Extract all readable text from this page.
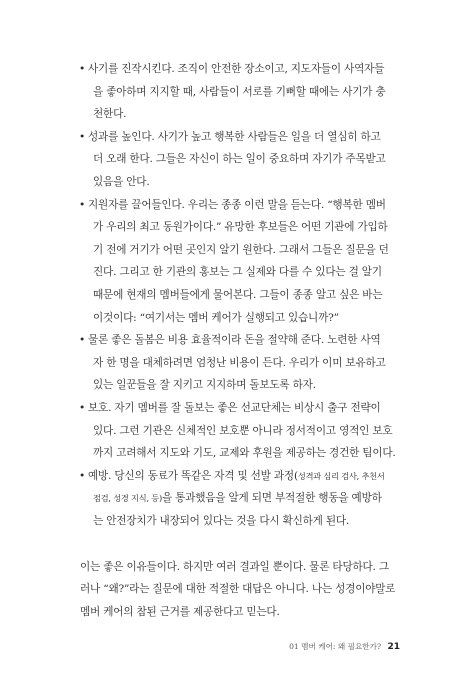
• 사기를 진작시킨다. 조직이 안전한 장소이고, 지도자들이 사역자들
을 좋아하며 지지할 때, 사람들이 서로를 기뻐할 때에는 사기가 충
천한다.
• 성과를 높인다. 사기가 높고 행복한 사람들은 일을 더 열심히 하고
더 오래 한다. 그들은 자신이 하는 일이 중요하며 자기가 주목받고
있음을 안다.
• 지원자를 끌어들인다. 우리는 종종 이런 말을 듣는다. “행복한 멤버
가 우리의 최고 동원가이다.” 유망한 후보들은 어떤 기관에 가입하
기 전에 거기가 어떤 곳인지 알기 원한다. 그래서 그들은 질문을 던
진다. 그리고 한 기관의 홍보는 그 실제와 다를 수 있다는 걸 알기
때문에 현재의 멤버들에게 물어본다. 그들이 종종 알고 싶은 바는
이것이다: “여기서는 멤버 케어가 실행되고 있습니까?”
• 물론 좋은 돌봄은 비용 효율적이라 돈을 절약해 준다. 노련한 사역
자 한 명을 대체하려면 엄청난 비용이 든다. 우리가 이미 보유하고
있는 일꾼들을 잘 지키고 지지하며 돌보도록 하자.
• 보호. 자기 멤버를 잘 돌보는 좋은 선교단체는 비상시 출구 전략이
있다. 그런 기관은 신체적인 보호뿐 아니라 정서적이고 영적인 보호
까지 고려해서 지도와 기도, 교제와 후원을 제공하는 경건한 팀이다.
• 예방. 당신의 동료가 똑같은 자격 및 선발 과정(성격과 심리 검사, 추천서
점검, 성경 지식, 등)을 통과했음을 알게 되면 부적절한 행동을 예방하
는 안전장치가 내장되어 있다는 것을 다시 확신하게 된다.
이는 좋은 이유들이다. 하지만 여러 결과일 뿐이다. 물론 타당하다. 그
러나 “왜?”라는 질문에 대한 적절한 대답은 아니다. 나는 성경이야말로
멤버 케어의 참된 근거를 제공한다고 믿는다.
01 멤버 케어: 왜 필요한가? 21
